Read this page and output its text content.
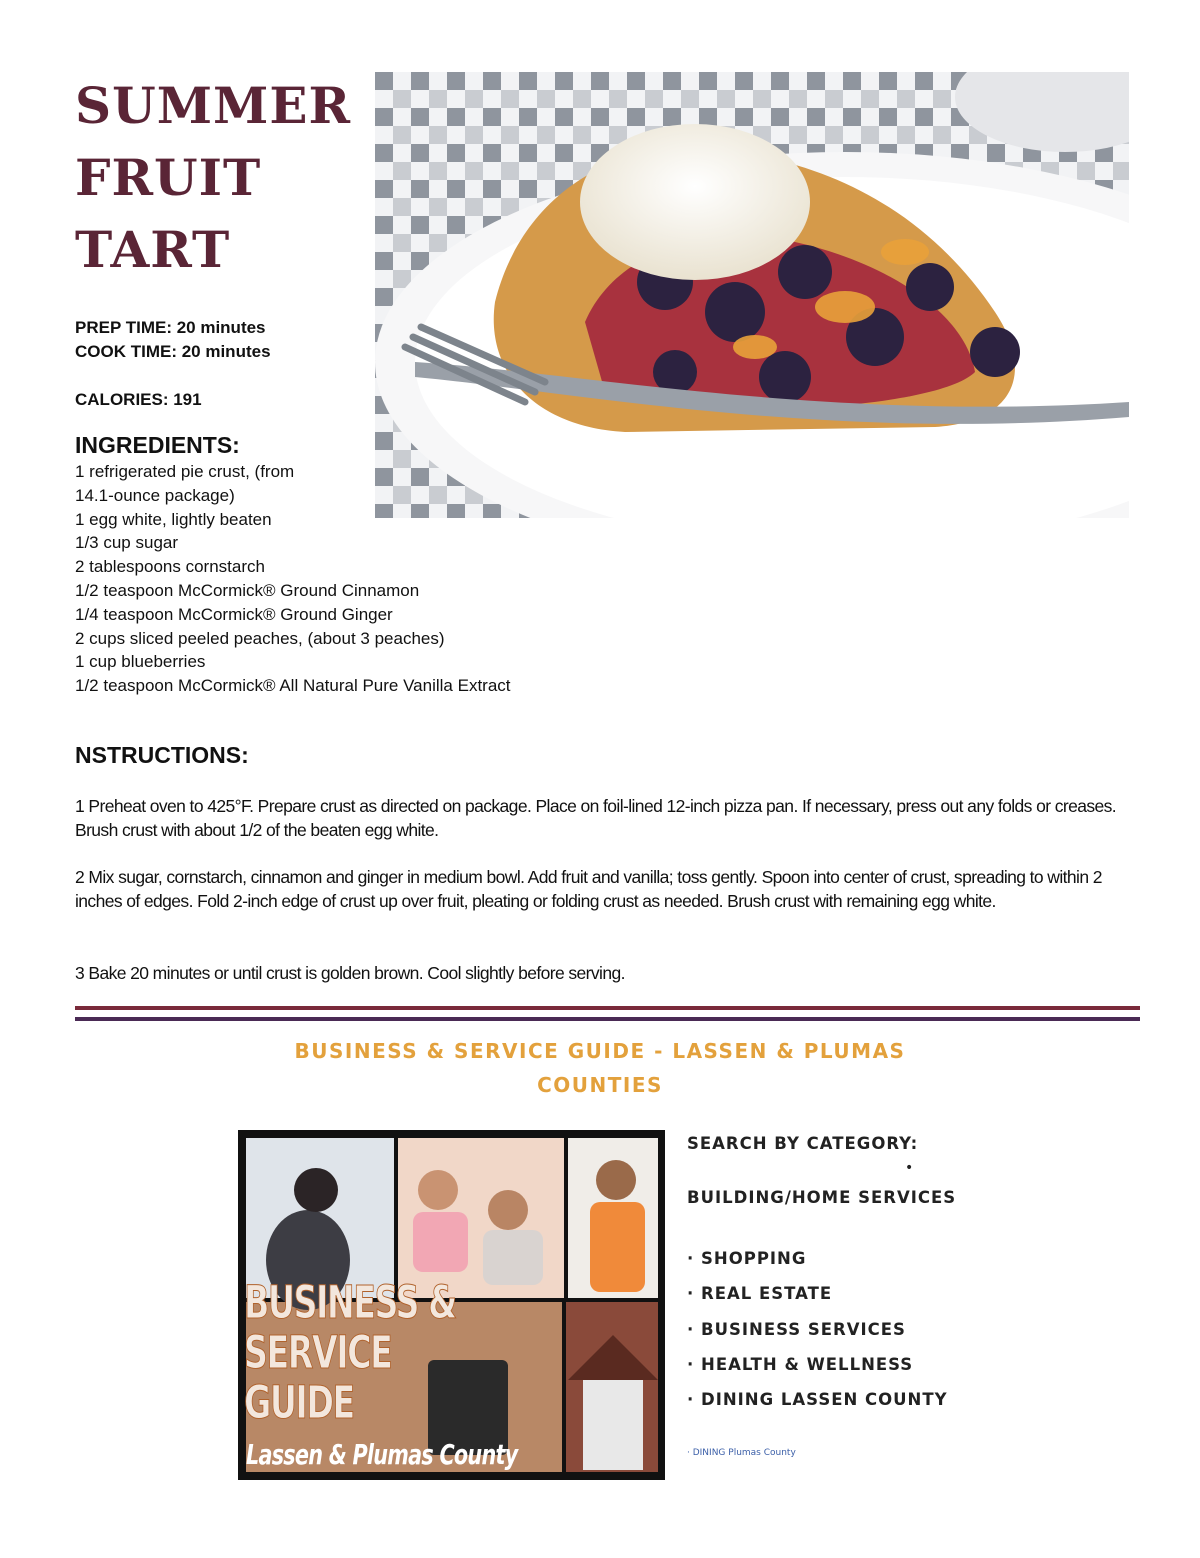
SUMMER
FRUIT
TART
PREP TIME: 20 minutes
COOK TIME: 20 minutes
CALORIES: 191
INGREDIENTS:
1 refrigerated pie crust, (from
14.1-ounce package)
1 egg white, lightly beaten
1/3 cup sugar
2 tablespoons cornstarch
1/2 teaspoon McCormick® Ground Cinnamon
1/4 teaspoon McCormick® Ground Ginger
2 cups sliced peeled peaches, (about 3 peaches)
1 cup blueberries
1/2 teaspoon McCormick® All Natural Pure Vanilla Extract
NSTRUCTIONS:

1 Preheat oven to 425°F. Prepare crust as directed on package. Place on foil-lined 12-inch pizza pan. If necessary, press out any folds or creases. Brush crust with about 1/2 of the beaten egg white.

2 Mix sugar, cornstarch, cinnamon and ginger in medium bowl. Add fruit and vanilla; toss gently. Spoon into center of crust, spreading to within 2 inches of edges. Fold 2-inch edge of crust up over fruit, pleating or folding crust as needed. Brush crust with remaining egg white.

3 Bake 20 minutes or until crust is golden brown. Cool slightly before serving.

BUSINESS & SERVICE GUIDE - LASSEN & PLUMAS
COUNTIES
BUSINESS &
SERVICE
GUIDE
Lassen & Plumas County
SEARCH BY CATEGORY:
•
BUILDING/HOME SERVICES
· SHOPPING
· REAL ESTATE
· BUSINESS SERVICES
· HEALTH & WELLNESS
· DINING LASSEN COUNTY
· DINING Plumas County
